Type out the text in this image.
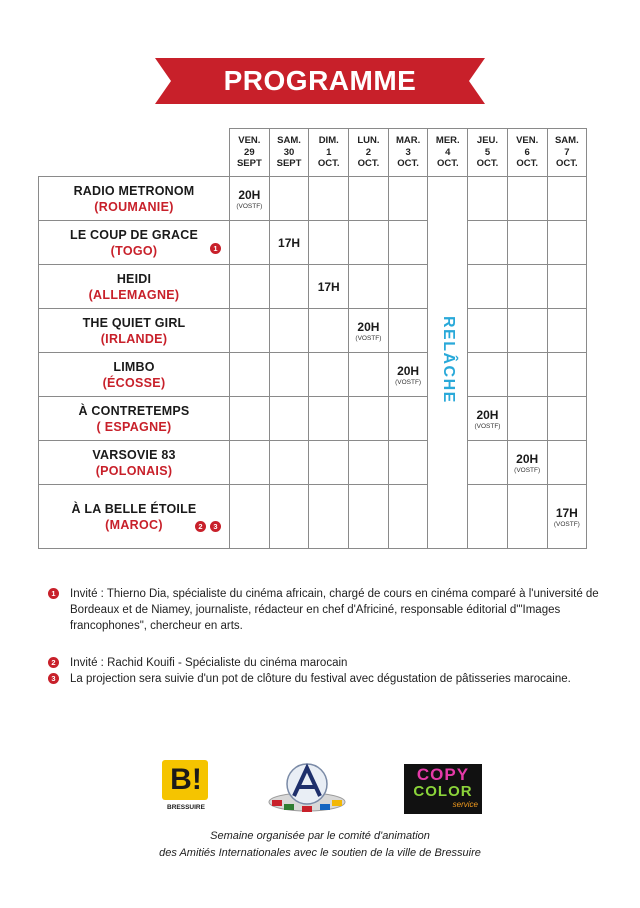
PROGRAMME

	VEN.
29
SEPT	SAM.
30
SEPT	DIM.
1
OCT.	LUN.
2
OCT.	MAR.
3
OCT.	MER.
4
OCT.	JEU.
5
OCT.	VEN.
6
OCT.	SAM.
7
OCT.

RADIO METRONOM
(ROUMANIE)	20H
(VOSTF)					RELÂCHE			

LE COUP DE GRACE
(TOGO) 1		17H							

HEIDI
(ALLEMAGNE)			17H						

THE QUIET GIRL
(IRLANDE)				20H
(VOSTF)					

LIMBO
(ÉCOSSE)					20H
(VOSTF)				

À CONTRETEMPS
( ESPAGNE)							20H
(VOSTF)		

VARSOVIE 83
(POLONAIS)								20H
(VOSTF)	

À LA BELLE ÉTOILE
(MAROC) 2 3									17H
(VOSTF)
1 Invité : Thierno Dia, spécialiste du cinéma africain, chargé de cours en cinéma comparé à l'université de Bordeaux et de Niamey, journaliste, rédacteur en chef d'Africiné, responsable éditorial d'"Images francophones", chercheur en arts.
2 Invité : Rachid Kouifi - Spécialiste du cinéma marocain
3 La projection sera suivie d'un pot de clôture du festival avec dégustation de pâtisseries marocaine.
B!
BRESSUIRE
COPY
COLOR
service
Semaine organisée par le comité d'animation
des Amitiés Internationales avec le soutien de la ville de Bressuire
